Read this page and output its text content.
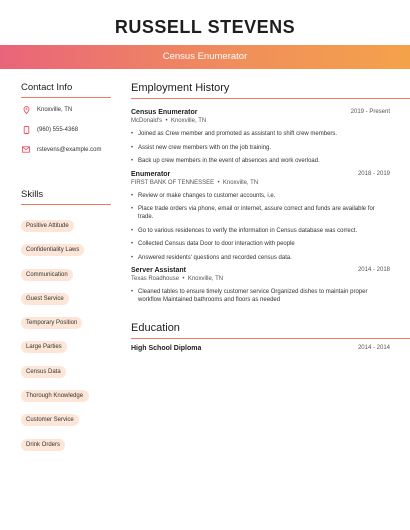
RUSSELL STEVENS
Census Enumerator
Contact Info
Knoxville, TN
(960) 555-4368
rstevens@example.com
Skills
Positive Attitude
Confidentiality Laws
Communication
Guest Service
Temporary Position
Large Parties
Census Data
Thorough Knowledge
Customer Service
Drink Orders
Employment History
Census Enumerator	2019 - Present
McDonald's  •  Knoxville, TN
• Joined as Crew member and promoted as assistant to shift crew members.
• Assist new crew members with on the job training.
• Back up crew members in the event of absences and work overload.
Enumerator	2018 - 2019
FIRST BANK OF TENNESSEE  •  Knoxville, TN
• Review or make changes to customer accounts, i.e.
• Place trade orders via phone, email or internet, assure correct and funds are available for trade.
• Go to various residences to verify the information in Census database was correct.
• Collected Census data Door to door interaction with people
• Answered residents' questions and recorded census data.
Server Assistant	2014 - 2018
Texas Roadhouse  •  Knoxville, TN
• Cleaned tables to ensure timely customer service Organized dishes to maintain proper workflow Maintained bathrooms and floors as needed
Education
High School Diploma	2014 - 2014
